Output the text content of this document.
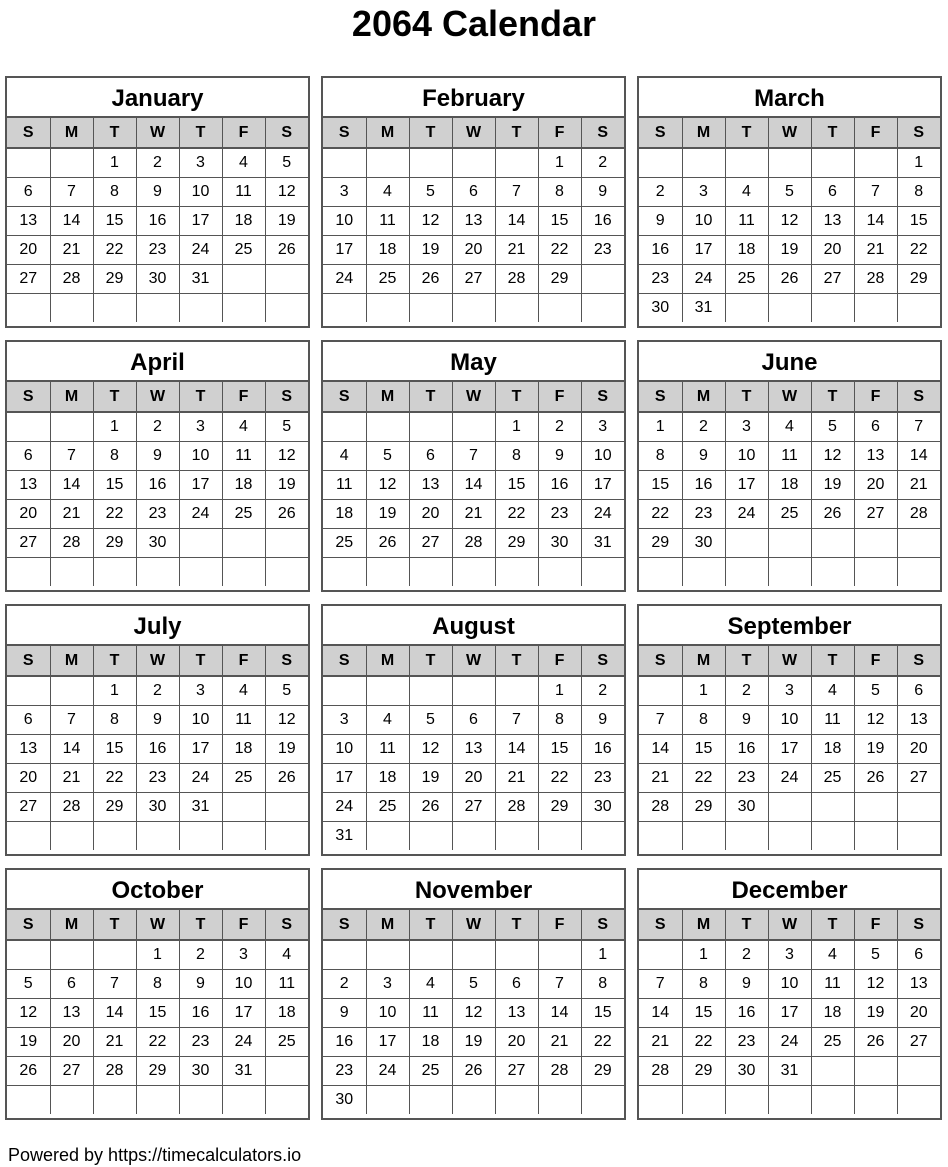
2064 Calendar
January
S	M	T	W	T	F	S
		1	2	3	4	5
6	7	8	9	10	11	12
13	14	15	16	17	18	19
20	21	22	23	24	25	26
27	28	29	30	31		

February
S	M	T	W	T	F	S
					1	2
3	4	5	6	7	8	9
10	11	12	13	14	15	16
17	18	19	20	21	22	23
24	25	26	27	28	29	

March
S	M	T	W	T	F	S
						1
2	3	4	5	6	7	8
9	10	11	12	13	14	15
16	17	18	19	20	21	22
23	24	25	26	27	28	29
30	31					
April
S	M	T	W	T	F	S
		1	2	3	4	5
6	7	8	9	10	11	12
13	14	15	16	17	18	19
20	21	22	23	24	25	26
27	28	29	30			

May
S	M	T	W	T	F	S
				1	2	3
4	5	6	7	8	9	10
11	12	13	14	15	16	17
18	19	20	21	22	23	24
25	26	27	28	29	30	31

June
S	M	T	W	T	F	S
1	2	3	4	5	6	7
8	9	10	11	12	13	14
15	16	17	18	19	20	21
22	23	24	25	26	27	28
29	30					

July
S	M	T	W	T	F	S
		1	2	3	4	5
6	7	8	9	10	11	12
13	14	15	16	17	18	19
20	21	22	23	24	25	26
27	28	29	30	31		

August
S	M	T	W	T	F	S
					1	2
3	4	5	6	7	8	9
10	11	12	13	14	15	16
17	18	19	20	21	22	23
24	25	26	27	28	29	30
31						
September
S	M	T	W	T	F	S
	1	2	3	4	5	6
7	8	9	10	11	12	13
14	15	16	17	18	19	20
21	22	23	24	25	26	27
28	29	30				

October
S	M	T	W	T	F	S
			1	2	3	4
5	6	7	8	9	10	11
12	13	14	15	16	17	18
19	20	21	22	23	24	25
26	27	28	29	30	31	

November
S	M	T	W	T	F	S
						1
2	3	4	5	6	7	8
9	10	11	12	13	14	15
16	17	18	19	20	21	22
23	24	25	26	27	28	29
30						
December
S	M	T	W	T	F	S
	1	2	3	4	5	6
7	8	9	10	11	12	13
14	15	16	17	18	19	20
21	22	23	24	25	26	27
28	29	30	31			

Powered by https://timecalculators.io
